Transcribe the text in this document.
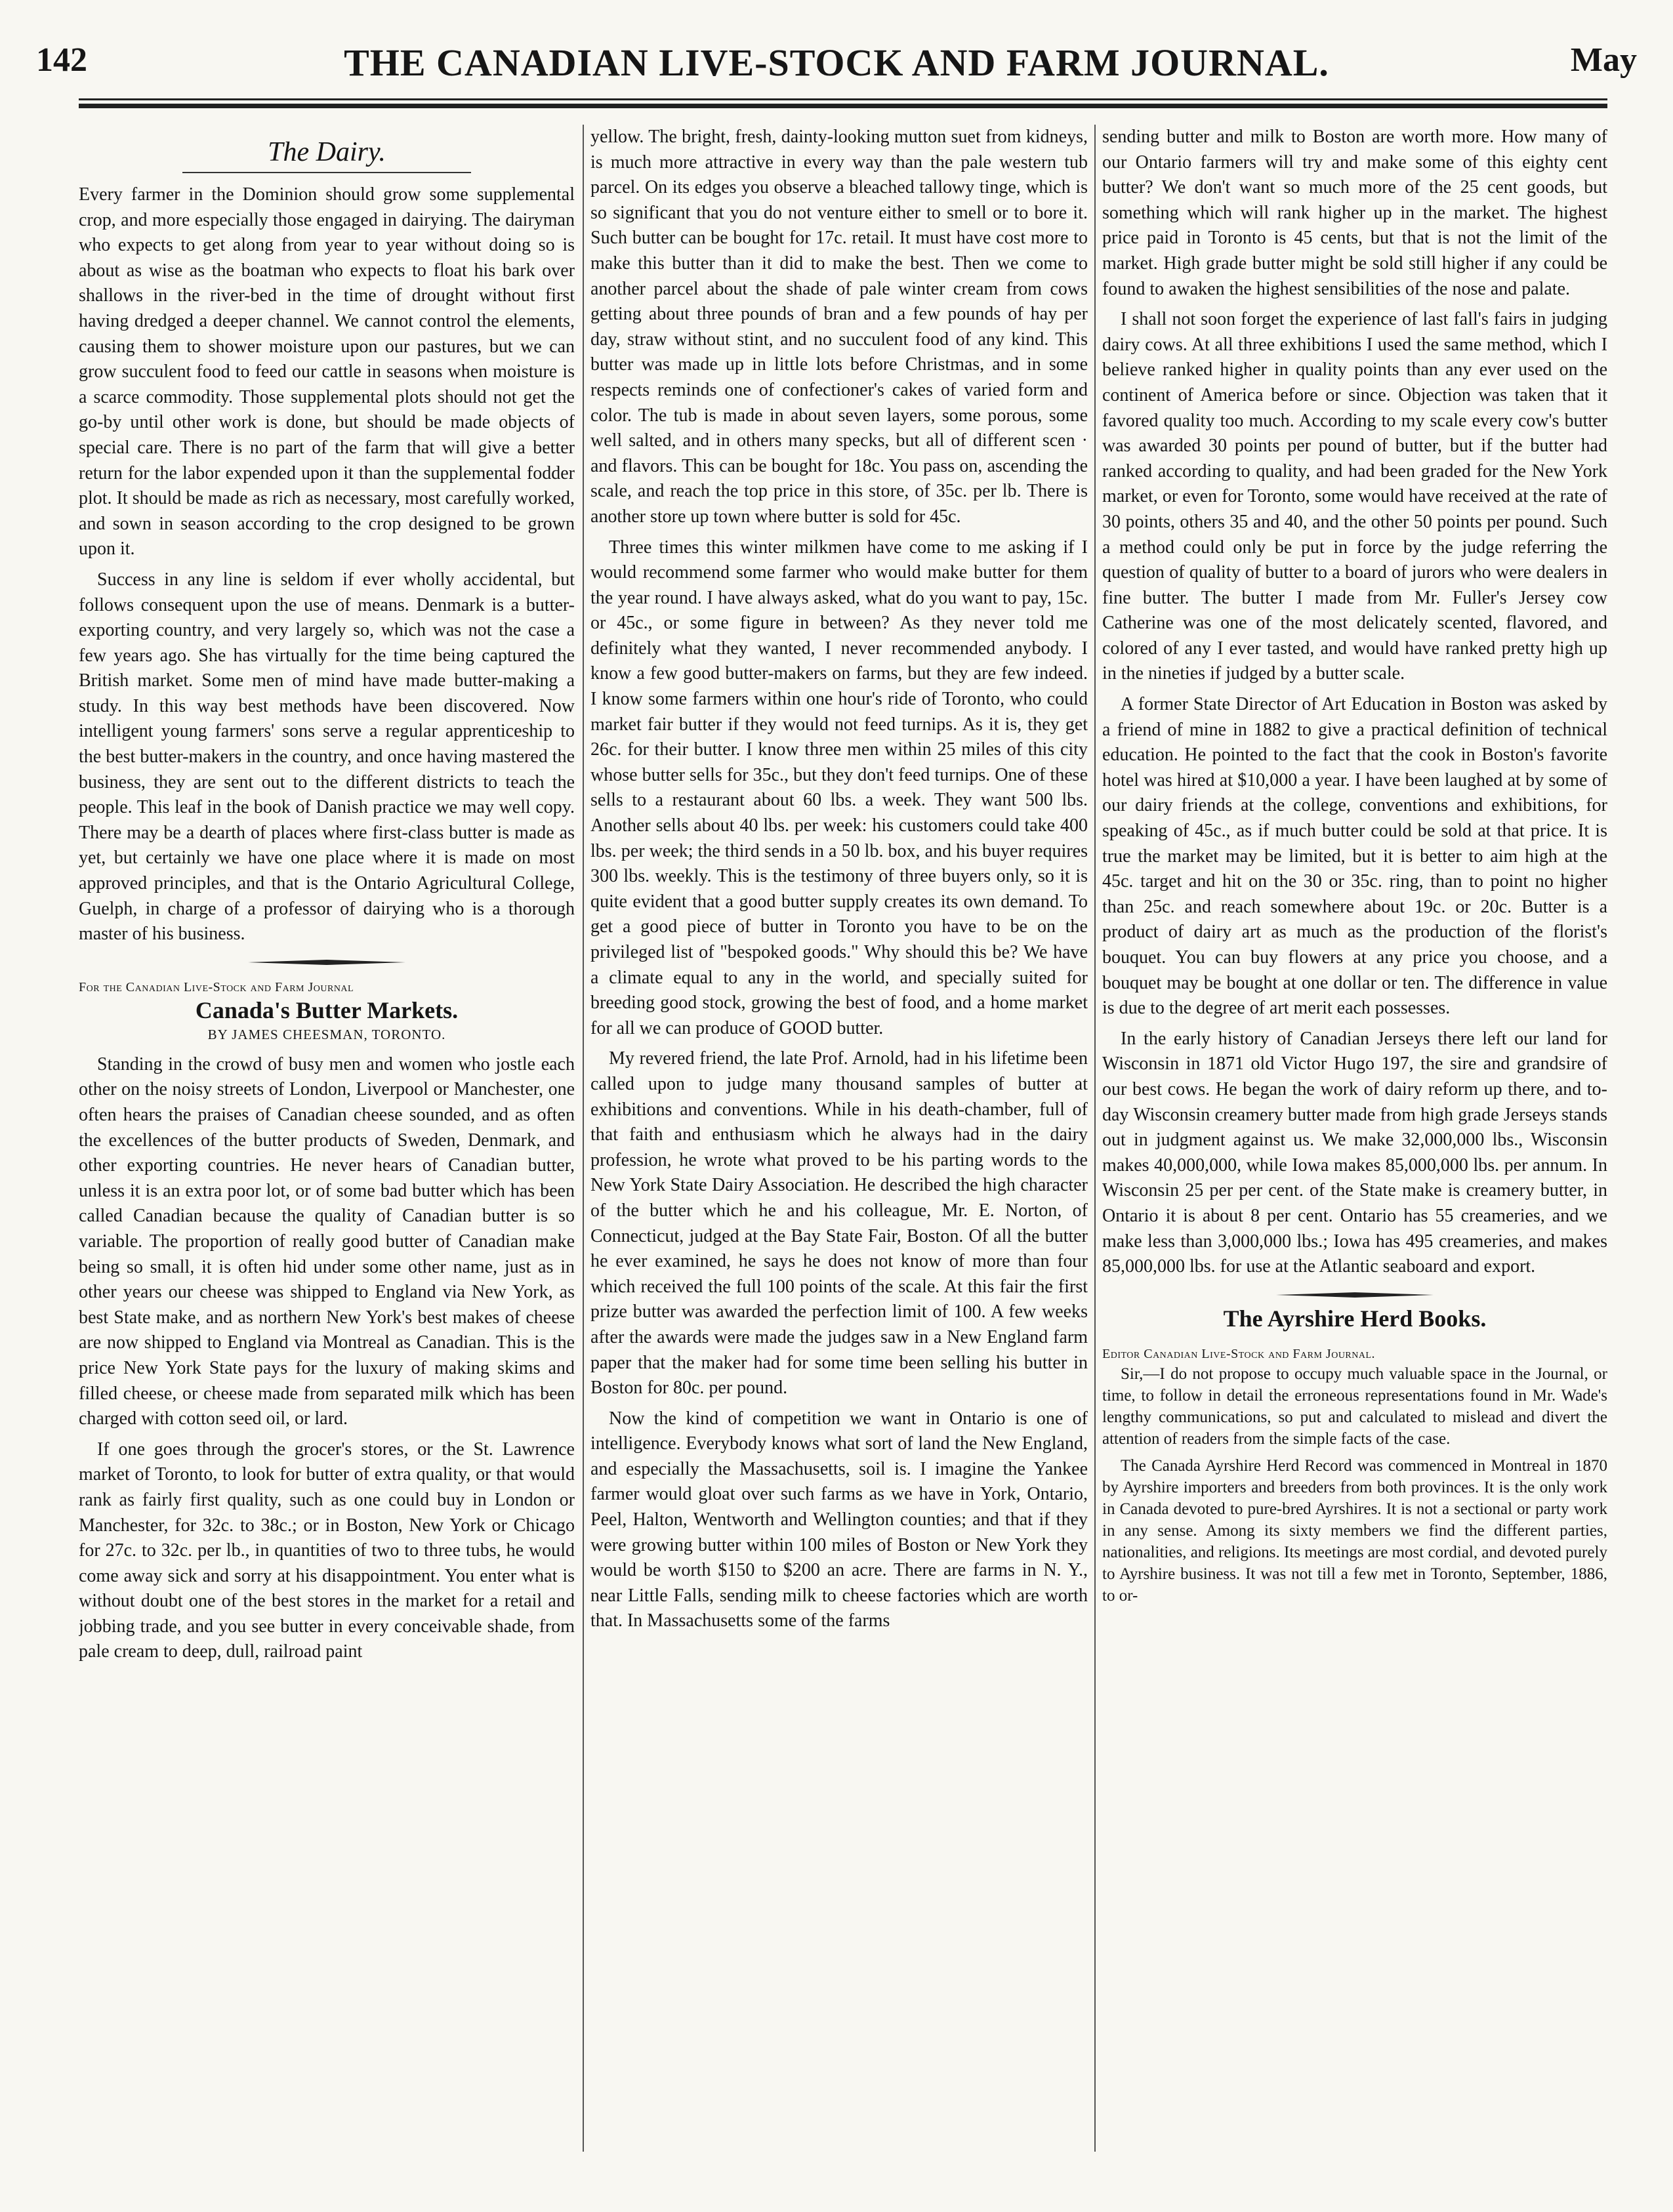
142	THE CANADIAN LIVE-STOCK AND FARM JOURNAL.	May
The Dairy.

Every farmer in the Dominion should grow some supplemental crop, and more especially those engaged in dairying. The dairyman who expects to get along from year to year without doing so is about as wise as the boatman who expects to float his bark over shallows in the river-bed in the time of drought without first having dredged a deeper channel. We cannot control the elements, causing them to shower moisture upon our pastures, but we can grow succulent food to feed our cattle in seasons when moisture is a scarce commodity. Those supplemental plots should not get the go-by until other work is done, but should be made objects of special care. There is no part of the farm that will give a better return for the labor expended upon it than the supplemental fodder plot. It should be made as rich as necessary, most carefully worked, and sown in season according to the crop designed to be grown upon it.

Success in any line is seldom if ever wholly accidental, but follows consequent upon the use of means. Denmark is a butter-exporting country, and very largely so, which was not the case a few years ago. She has virtually for the time being captured the British market. Some men of mind have made butter-making a study. In this way best methods have been discovered. Now intelligent young farmers' sons serve a regular apprenticeship to the best butter-makers in the country, and once having mastered the business, they are sent out to the different districts to teach the people. This leaf in the book of Danish practice we may well copy. There may be a dearth of places where first-class butter is made as yet, but certainly we have one place where it is made on most approved principles, and that is the Ontario Agricultural College, Guelph, in charge of a professor of dairying who is a thorough master of his business.

For the Canadian Live-Stock and Farm Journal
Canada's Butter Markets.
BY JAMES CHEESMAN, TORONTO.

Standing in the crowd of busy men and women who jostle each other on the noisy streets of London, Liverpool or Manchester, one often hears the praises of Canadian cheese sounded, and as often the excellences of the butter products of Sweden, Denmark, and other exporting countries. He never hears of Canadian butter, unless it is an extra poor lot, or of some bad butter which has been called Canadian because the quality of Canadian butter is so variable. The proportion of really good butter of Canadian make being so small, it is often hid under some other name, just as in other years our cheese was shipped to England via New York, as best State make, and as northern New York's best makes of cheese are now shipped to England via Montreal as Canadian. This is the price New York State pays for the luxury of making skims and filled cheese, or cheese made from separated milk which has been charged with cotton seed oil, or lard.

If one goes through the grocer's stores, or the St. Lawrence market of Toronto, to look for butter of extra quality, or that would rank as fairly first quality, such as one could buy in London or Manchester, for 32c. to 38c.; or in Boston, New York or Chicago for 27c. to 32c. per lb., in quantities of two to three tubs, he would come away sick and sorry at his disappointment. You enter what is without doubt one of the best stores in the market for a retail and jobbing trade, and you see butter in every conceivable shade, from pale cream to deep, dull, railroad paint

yellow. The bright, fresh, dainty-looking mutton suet from kidneys, is much more attractive in every way than the pale western tub parcel. On its edges you observe a bleached tallowy tinge, which is so significant that you do not venture either to smell or to bore it. Such butter can be bought for 17c. retail. It must have cost more to make this butter than it did to make the best. Then we come to another parcel about the shade of pale winter cream from cows getting about three pounds of bran and a few pounds of hay per day, straw without stint, and no succulent food of any kind. This butter was made up in little lots before Christmas, and in some respects reminds one of confectioner's cakes of varied form and color. The tub is made in about seven layers, some porous, some well salted, and in others many specks, but all of different scen · and flavors. This can be bought for 18c. You pass on, ascending the scale, and reach the top price in this store, of 35c. per lb. There is another store up town where butter is sold for 45c.

Three times this winter milkmen have come to me asking if I would recommend some farmer who would make butter for them the year round. I have always asked, what do you want to pay, 15c. or 45c., or some figure in between? As they never told me definitely what they wanted, I never recommended anybody. I know a few good butter-makers on farms, but they are few indeed. I know some farmers within one hour's ride of Toronto, who could market fair butter if they would not feed turnips. As it is, they get 26c. for their butter. I know three men within 25 miles of this city whose butter sells for 35c., but they don't feed turnips. One of these sells to a restaurant about 60 lbs. a week. They want 500 lbs. Another sells about 40 lbs. per week: his customers could take 400 lbs. per week; the third sends in a 50 lb. box, and his buyer requires 300 lbs. weekly. This is the testimony of three buyers only, so it is quite evident that a good butter supply creates its own demand. To get a good piece of butter in Toronto you have to be on the privileged list of "bespoked goods." Why should this be? We have a climate equal to any in the world, and specially suited for breeding good stock, growing the best of food, and a home market for all we can produce of GOOD butter.

My revered friend, the late Prof. Arnold, had in his lifetime been called upon to judge many thousand samples of butter at exhibitions and conventions. While in his death-chamber, full of that faith and enthusiasm which he always had in the dairy profession, he wrote what proved to be his parting words to the New York State Dairy Association. He described the high character of the butter which he and his colleague, Mr. E. Norton, of Connecticut, judged at the Bay State Fair, Boston. Of all the butter he ever examined, he says he does not know of more than four which received the full 100 points of the scale. At this fair the first prize butter was awarded the perfection limit of 100. A few weeks after the awards were made the judges saw in a New England farm paper that the maker had for some time been selling his butter in Boston for 80c. per pound.

Now the kind of competition we want in Ontario is one of intelligence. Everybody knows what sort of land the New England, and especially the Massachusetts, soil is. I imagine the Yankee farmer would gloat over such farms as we have in York, Ontario, Peel, Halton, Wentworth and Wellington counties; and that if they were growing butter within 100 miles of Boston or New York they would be worth $150 to $200 an acre. There are farms in N. Y., near Little Falls, sending milk to cheese factories which are worth that. In Massachusetts some of the farms

sending butter and milk to Boston are worth more. How many of our Ontario farmers will try and make some of this eighty cent butter? We don't want so much more of the 25 cent goods, but something which will rank higher up in the market. The highest price paid in Toronto is 45 cents, but that is not the limit of the market. High grade butter might be sold still higher if any could be found to awaken the highest sensibilities of the nose and palate.

I shall not soon forget the experience of last fall's fairs in judging dairy cows. At all three exhibitions I used the same method, which I believe ranked higher in quality points than any ever used on the continent of America before or since. Objection was taken that it favored quality too much. According to my scale every cow's butter was awarded 30 points per pound of butter, but if the butter had ranked according to quality, and had been graded for the New York market, or even for Toronto, some would have received at the rate of 30 points, others 35 and 40, and the other 50 points per pound. Such a method could only be put in force by the judge referring the question of quality of butter to a board of jurors who were dealers in fine butter. The butter I made from Mr. Fuller's Jersey cow Catherine was one of the most delicately scented, flavored, and colored of any I ever tasted, and would have ranked pretty high up in the nineties if judged by a butter scale.

A former State Director of Art Education in Boston was asked by a friend of mine in 1882 to give a practical definition of technical education. He pointed to the fact that the cook in Boston's favorite hotel was hired at $10,000 a year. I have been laughed at by some of our dairy friends at the college, conventions and exhibitions, for speaking of 45c., as if much butter could be sold at that price. It is true the market may be limited, but it is better to aim high at the 45c. target and hit on the 30 or 35c. ring, than to point no higher than 25c. and reach somewhere about 19c. or 20c. Butter is a product of dairy art as much as the production of the florist's bouquet. You can buy flowers at any price you choose, and a bouquet may be bought at one dollar or ten. The difference in value is due to the degree of art merit each possesses.

In the early history of Canadian Jerseys there left our land for Wisconsin in 1871 old Victor Hugo 197, the sire and grandsire of our best cows. He began the work of dairy reform up there, and to-day Wisconsin creamery butter made from high grade Jerseys stands out in judgment against us. We make 32,000,000 lbs., Wisconsin makes 40,000,000, while Iowa makes 85,000,000 lbs. per annum. In Wisconsin 25 per per cent. of the State make is creamery butter, in Ontario it is about 8 per cent. Ontario has 55 creameries, and we make less than 3,000,000 lbs.; Iowa has 495 creameries, and makes 85,000,000 lbs. for use at the Atlantic seaboard and export.

The Ayrshire Herd Books.
Editor Canadian Live-Stock and Farm Journal.

Sir,—I do not propose to occupy much valuable space in the Journal, or time, to follow in detail the erroneous representations found in Mr. Wade's lengthy communications, so put and calculated to mislead and divert the attention of readers from the simple facts of the case.

The Canada Ayrshire Herd Record was commenced in Montreal in 1870 by Ayrshire importers and breeders from both provinces. It is the only work in Canada devoted to pure-bred Ayrshires. It is not a sectional or party work in any sense. Among its sixty members we find the different parties, nationalities, and religions. Its meetings are most cordial, and devoted purely to Ayrshire business. It was not till a few met in Toronto, September, 1886, to or-
